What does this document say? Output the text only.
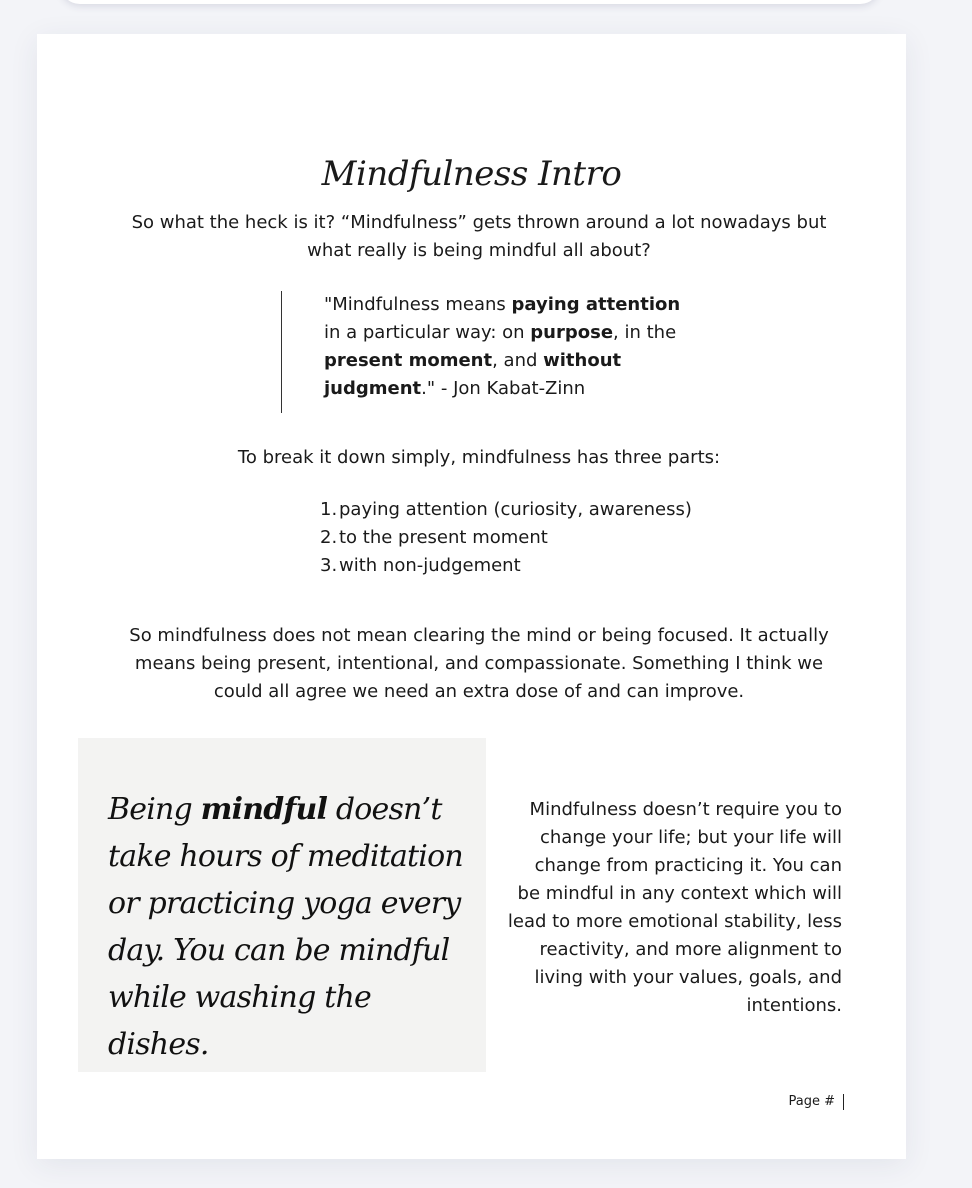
Mindfulness Intro

So what the heck is it? “Mindfulness” gets thrown around a lot nowadays but what really is being mindful all about?

"Mindfulness means paying attention
in a particular way: on purpose, in the
present moment, and without
judgment." - Jon Kabat-Zinn

To break it down simply, mindfulness has three parts:

1. paying attention (curiosity, awareness)
2. to the present moment
3. with non-judgement

So mindfulness does not mean clearing the mind or being focused. It actually means being present, intentional, and compassionate. Something I think we could all agree we need an extra dose of and can improve.

Being mindful doesn’t take hours of meditation or practicing yoga every day. You can be mindful while washing the dishes.

Mindfulness doesn’t require you to change your life; but your life will change from practicing it. You can be mindful in any context which will lead to more emotional stability, less reactivity, and more alignment to living with your values, goals, and intentions.

Page #
